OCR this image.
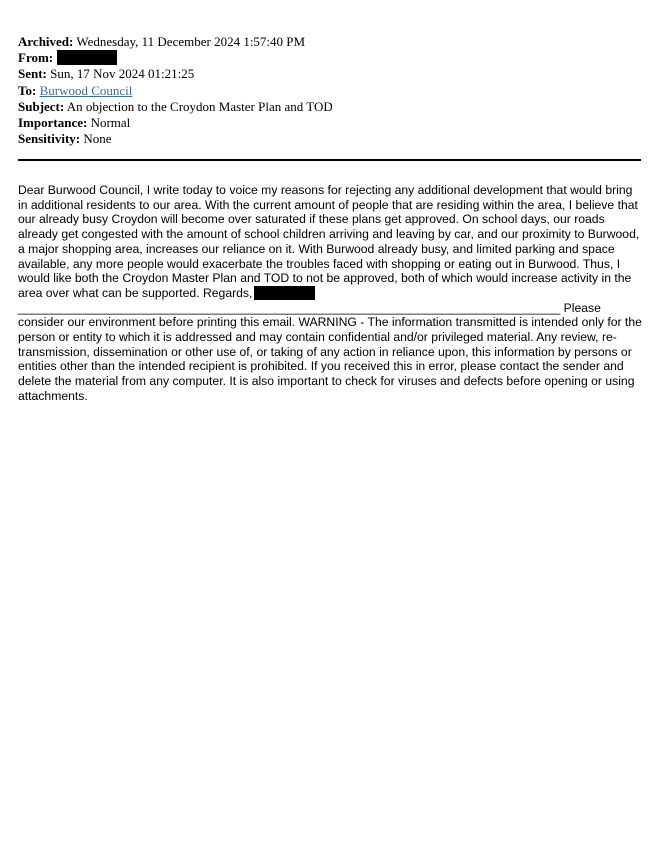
Archived: Wednesday, 11 December 2024 1:57:40 PM
From:
Sent: Sun, 17 Nov 2024 01:21:25
To: Burwood Council
Subject: An objection to the Croydon Master Plan and TOD
Importance: Normal
Sensitivity: None
Dear Burwood Council, I write today to voice my reasons for rejecting any additional development that would bring in additional residents to our area. With the current amount of people that are residing within the area, I believe that our already busy Croydon will become over saturated if these plans get approved. On school days, our roads already get congested with the amount of school children arriving and leaving by car, and our proximity to Burwood, a major shopping area, increases our reliance on it. With Burwood already busy, and limited parking and space available, any more people would exacerbate the troubles faced with shopping or eating out in Burwood. Thus, I would like both the Croydon Master Plan and TOD to not be approved, both of which would increase activity in the area over what can be supported. Regards, ________________________________________________________________________________ Please consider our environment before printing this email. WARNING - The information transmitted is intended only for the person or entity to which it is addressed and may contain confidential and/or privileged material. Any review, re-transmission, dissemination or other use of, or taking of any action in reliance upon, this information by persons or entities other than the intended recipient is prohibited. If you received this in error, please contact the sender and delete the material from any computer. It is also important to check for viruses and defects before opening or using attachments.
